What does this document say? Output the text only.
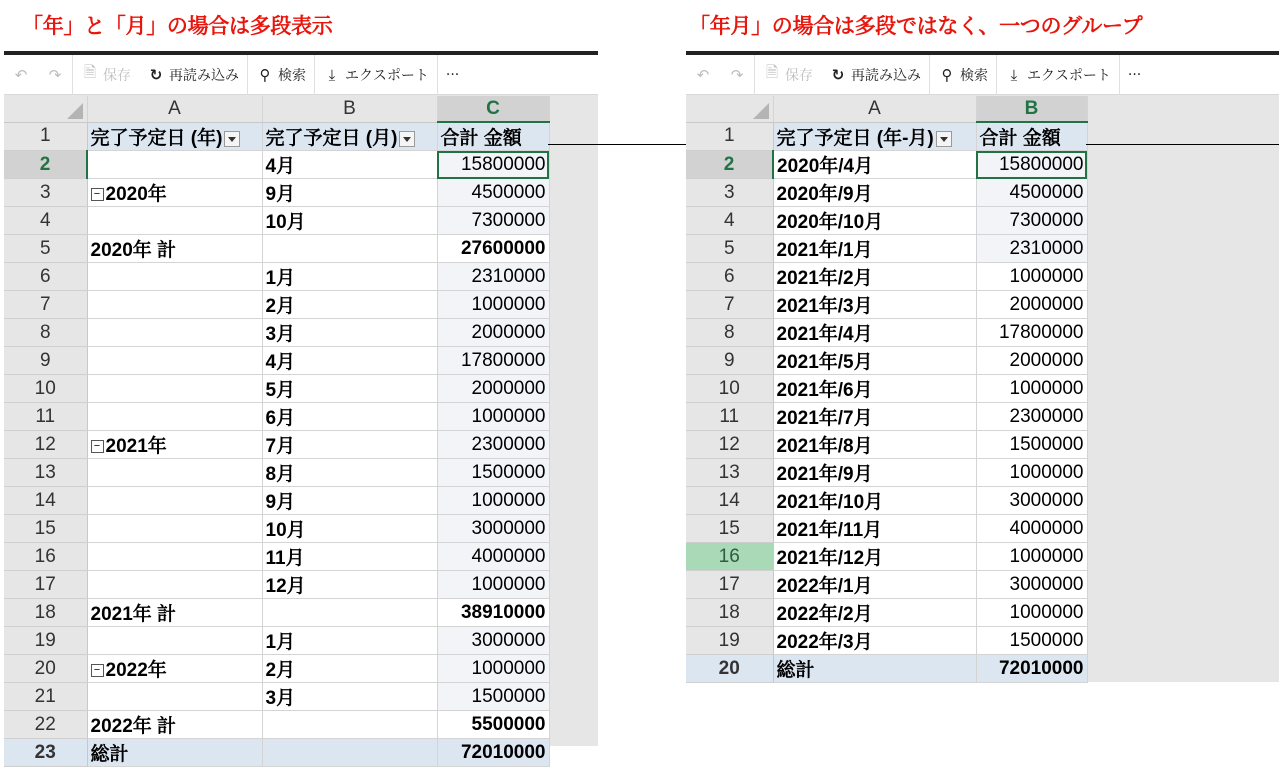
「年」と「月」の場合は多段表示	「年月」の場合は多段ではなく、一つのグループ
↶ ↷ 🗎 保存 ↻ 再読み込み ⚲ 検索	⤓ エクスポート ···
	A	B	C
1	完了予定日 (年)	完了予定日 (月)	合計 金額
2		4月	15800000
3	− 2020年	9月	4500000
4		10月	7300000
5	2020年 計		27600000
6		1月	2310000
7		2月	1000000
8		3月	2000000
9		4月	17800000
10		5月	2000000
11		6月	1000000
12	− 2021年	7月	2300000
13		8月	1500000
14		9月	1000000
15		10月	3000000
16		11月	4000000
17		12月	1000000
18	2021年 計		38910000
19		1月	3000000
20	− 2022年	2月	1000000
21		3月	1500000
22	2022年 計		5500000
23	総計		72010000
↶ ↷ 🗎 保存 ↻ 再読み込み ⚲ 検索	⤓ エクスポート ···
	A	B
1	完了予定日 (年-月)	合計 金額
2	2020年/4月	15800000
3	2020年/9月	4500000
4	2020年/10月	7300000
5	2021年/1月	2310000
6	2021年/2月	1000000
7	2021年/3月	2000000
8	2021年/4月	17800000
9	2021年/5月	2000000
10	2021年/6月	1000000
11	2021年/7月	2300000
12	2021年/8月	1500000
13	2021年/9月	1000000
14	2021年/10月	3000000
15	2021年/11月	4000000
16	2021年/12月	1000000
17	2022年/1月	3000000
18	2022年/2月	1000000
19	2022年/3月	1500000
20	総計	72010000
